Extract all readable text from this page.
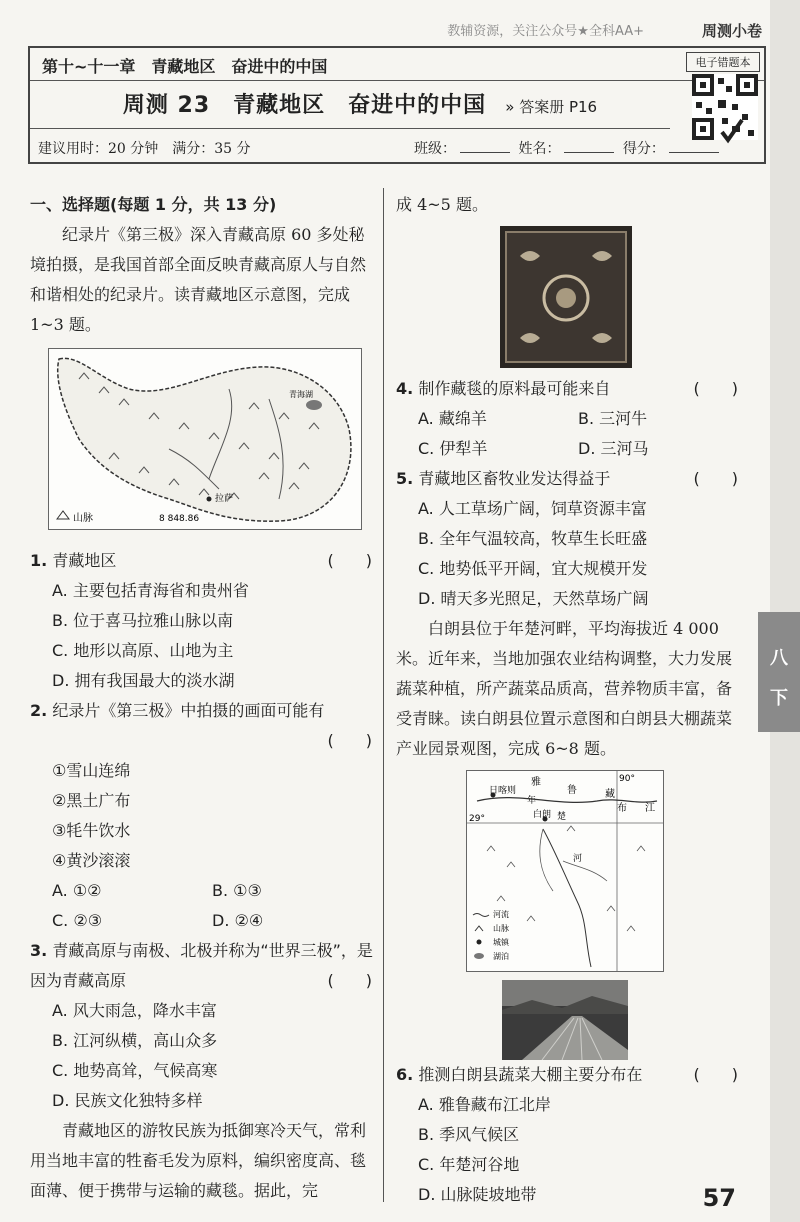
教辅资源，关注公众号★全科AA+	周测小卷
第十~十一章　青藏地区　奋进中的中国
周测 23　青藏地区　奋进中的中国 » 答案册 P16
建议用时：20 分钟　满分：35 分	班级：	姓名：	得分：
电子错题本

一、选择题(每题 1 分，共 13 分)

纪录片《第三极》深入青藏高原 60 多处秘境拍摄，是我国首部全面反映青藏高原人与自然和谐相处的纪录片。读青藏地区示意图，完成 1~3 题。

青海湖
拉萨
8 848.86
山脉

1. 青藏地区	(　　)

A. 主要包括青海省和贵州省

B. 位于喜马拉雅山脉以南

C. 地形以高原、山地为主

D. 拥有我国最大的淡水湖

2. 纪录片《第三极》中拍摄的画面可能有

(　　)

①雪山连绵

②黑土广布

③牦牛饮水

④黄沙滚滚

A. ①②	B. ①③
C. ②③	D. ②④

3. 青藏高原与南极、北极并称为“世界三极”，是因为青藏高原	(　　)

A. 风大雨急，降水丰富

B. 江河纵横，高山众多

C. 地势高耸，气候高寒

D. 民族文化独特多样

青藏地区的游牧民族为抵御寒冷天气，常利用当地丰富的牲畜毛发为原料，编织密度高、毯面薄、便于携带与运输的藏毯。据此，完

成 4~5 题。

4. 制作藏毯的原料最可能来自	(　　)

A. 藏绵羊	B. 三河牛
C. 伊犁羊	D. 三河马

5. 青藏地区畜牧业发达得益于	(　　)

A. 人工草场广阔，饲草资源丰富

B. 全年气温较高，牧草生长旺盛

C. 地势低平开阔，宜大规模开发

D. 晴天多光照足，天然草场广阔

白朗县位于年楚河畔，平均海拔近 4 000 米。近年来，当地加强农业结构调整，大力发展蔬菜种植，所产蔬菜品质高，营养物质丰富，备受青睐。读白朗县位置示意图和白朗县大棚蔬菜产业园景观图，完成 6~8 题。

90°
29°
雅
鲁	藏
布 江
日喀则
白朗
年
楚
河
河流
山脉
城镇
湖泊

6. 推测白朗县蔬菜大棚主要分布在	(　　)

A. 雅鲁藏布江北岸

B. 季风气候区

C. 年楚河谷地

D. 山脉陡坡地带

八
下
57
